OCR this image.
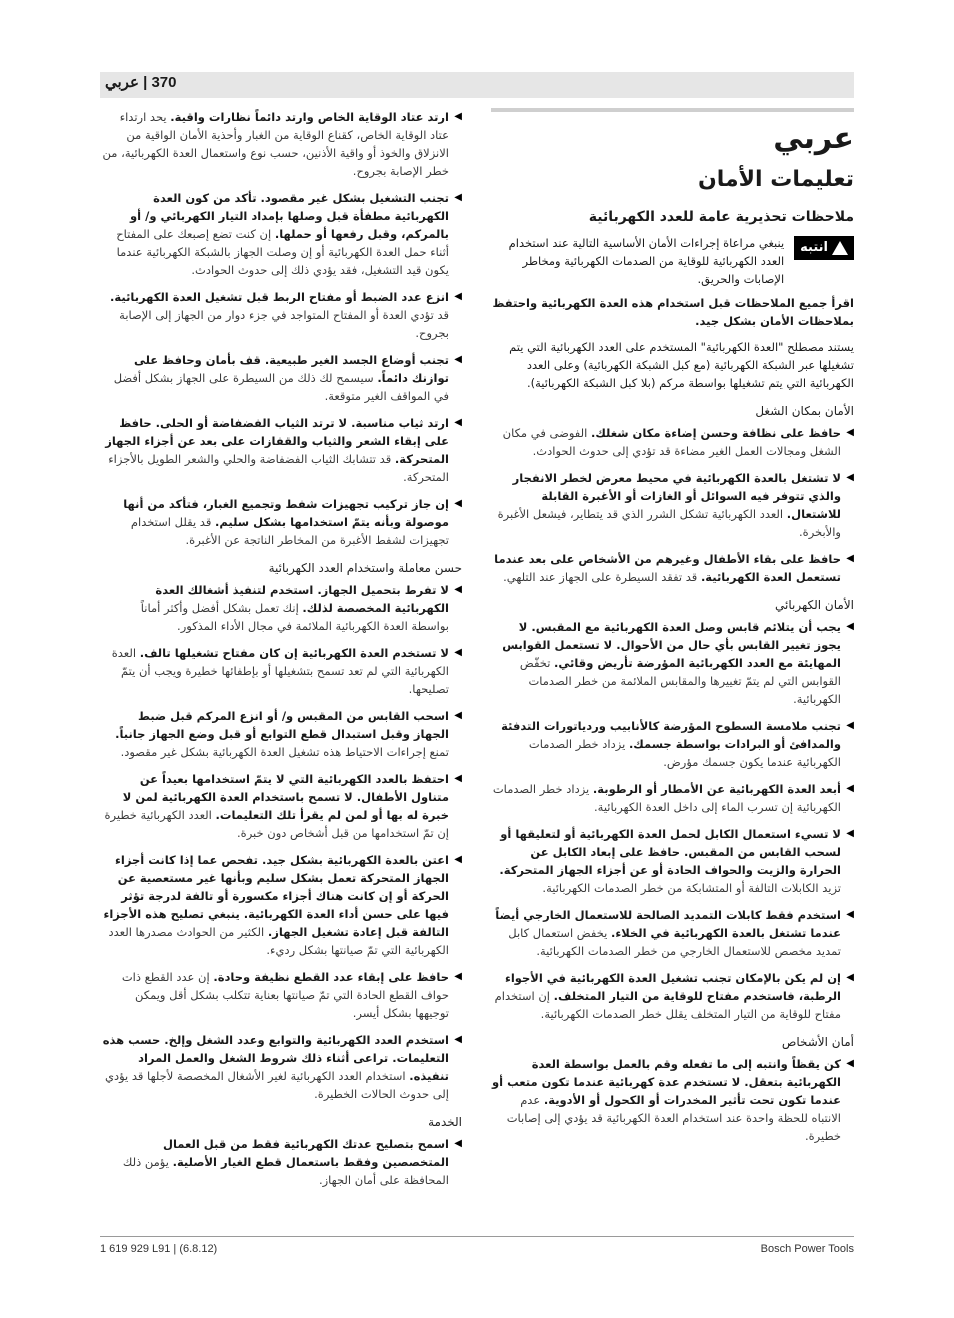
370 | عربي
عربي
تعليمات الأمان
ملاحظات تحذيرية عامة للعدد الكهربائية
انتبه
ينبغي مراعاة إجراءات الأمان الأساسية التالية عند استخدام العدد الكهربائية للوقاية من الصدمات الكهربائية ومخاطر الإصابات والحريق.
اقرأ جميع الملاحظات قبل استخدام هذه العدة الكهربائية واحتفظ بملاحظات الأمان بشكل جيد.
يستند مصطلح "العدة الكهربائية" المستخدم على العدد الكهربائية التي يتم تشغيلها عبر الشبكة الكهربائية (مع كبل الشبكة الكهربائية) وعلى العدد الكهربائية التي يتم تشغيلها بواسطة مركم (بلا كبل الشبكة الكهربائية).
الأمان بمكان الشغل
◀
حافظ على نظافة وحسن إضاءة مكان شغلك. الفوضى في مكان الشغل ومجالات العمل الغير مضاءة قد تؤدي إلى حدوث الحوادث.
◀
لا تشتغل بالعدة الكهربائية في محيط معرض لخطر الانفجار والذي تتوفر فيه السوائل أو الغازات أو الأغبرة القابلة للاشتعال. العدد الكهربائية تشكل الشرر الذي قد يتطاير، فيشعل الأغبرة والأبخرة.
◀
حافظ على بقاء الأطفال وغيرهم من الأشخاص على بعد عندما تستعمل العدة الكهربائية. قد تفقد السيطرة على الجهاز عند التلهي.
الأمان الكهربائي
◀
يجب أن يتلائم قابس وصل العدة الكهربائية مع المقبس. لا يجوز تغيير القابس بأي حال من الأحوال. لا تستعمل القوابس المهايئة مع العدد الكهربائية المؤرضة تأريض وقائي. تخفّض القوابس التي لم يتمّ تغييرها والمقابس الملائمة من خطر الصدمات الكهربائية.
◀
تجنب ملامسة السطوح المؤرضة كالأنابيب وردياتورات التدفئة والمدافئ أو البرادات بواسطة جسمك. يزداد خطر الصدمات الكهربائية عندما يكون جسمك مؤرض.
◀
أبعد العدة الكهربائية عن الأمطار أو الرطوبة. يزداد خطر الصدمات الكهربائية إن تسرب الماء إلى داخل العدة الكهربائية.
◀
لا تسيء استعمال الكابل لحمل العدة الكهربائية أو لتعليقها أو لسحب القابس من المقبس. حافظ على إبعاد الكابل عن الحرارة والزيت والحواف الحادة أو عن أجزاء الجهاز المتحركة. تزيد الكابلات التالفة أو المتشابكة من خطر الصدمات الكهربائية.
◀
استخدم فقط كابلات التمديد الصالحة للاستعمال الخارجي أيضاً عندما تشتغل بالعدة الكهربائية في الخلاء. يخفض استعمال كابل تمديد مخصص للاستعمال الخارجي من خطر الصدمات الكهربائية.
◀
إن لم يكن بالإمكان تجنب تشغيل العدة الكهربائية في الأجواء الرطبة، فاستخدم مفتاح للوقاية من التيار المتخلف. إن استخدام مفتاح للوقاية من التيار المتخلف يقلل خطر الصدمات الكهربائية.
أمان الأشخاص
◀
كن يقظاً وانتبه إلى ما تفعله وقم بالعمل بواسطة العدة الكهربائية بتعقل. لا تستخدم عدة كهربائية عندما تكون متعب أو عندما تكون تحت تأثير المخدرات أو الكحول أو الأدوية. عدم الانتباه للحظة واحدة عند استخدام العدة الكهربائية قد يؤدي إلى إصابات خطيرة.
◀
ارتد عتاد الوقاية الخاص وارتد دائماً نظارات واقية. يحد ارتداء عتاد الوقاية الخاص، كقناع الوقاية من الغبار وأحذية الأمان الواقية من الانزلاق والخوذ أو واقية الأذنين، حسب نوع واستعمال العدة الكهربائية، من خطر الإصابة بجروح.
◀
تجنب التشغيل بشكل غير مقصود. تأكد من كون العدة الكهربائية مطفأة قبل وصلها بإمداد التيار الكهربائي و/ أو بالمركم، وقبل رفعها أو حملها. إن كنت تضع إصبعك على المفتاح أثناء حمل العدة الكهربائية أو إن وصلت الجهاز بالشبكة الكهربائية عندما يكون قيد التشغيل، فقد يؤدي ذلك إلى حدوث الحوادث.
◀
انزع عدد الضبط أو مفتاح الربط قبل تشغيل العدة الكهربائية. قد تؤدي العدة أو المفتاح المتواجد في جزء دوار من الجهاز إلى الإصابة بجروح.
◀
تجنب أوضاع الجسد الغير طبيعية. قف بأمان وحافظ على توازنك دائماً. سيسمح لك ذلك من السيطرة على الجهاز بشكل أفضل في المواقف الغير متوقعة.
◀
ارتد ثياب مناسبة. لا ترتد الثياب الفضفاضة أو الحلى. حافظ على إبقاء الشعر والثياب والقفازات على بعد عن أجزاء الجهاز المتحركة. قد تتشابك الثياب الفضفاضة والحلي والشعر الطويل بالأجزاء المتحركة.
◀
إن جاز تركيب تجهيزات شفط وتجميع الغبار، فتأكد من أنها موصولة وبأنه يتمّ استخدامها بشكل سليم. قد يقلل استخدام تجهيزات لشفط الأغبرة من المخاطر الناتجة عن الأغبرة.
حسن معاملة واستخدام العدد الكهربائية
◀
لا تفرط بتحميل الجهاز. استخدم لتنفيذ أشغالك العدة الكهربائية المخصصة لذلك. إنك تعمل بشكل أفضل وأكثر أماناً بواسطة العدة الكهربائية الملائمة في مجال الأداء المذكور.
◀
لا تستخدم العدة الكهربائية إن كان مفتاح تشغيلها تالف. العدة الكهربائية التي لم تعد تسمح بتشغيلها أو بإطفائها خطيرة ويجب أن يتمّ تصليحها.
◀
اسحب القابس من المقبس و/ أو انزع المركم قبل ضبط الجهاز وقبل استبدال قطع التوابع أو قبل وضع الجهاز جانباً. تمنع إجراءات الاحتياط هذه تشغيل العدة الكهربائية بشكل غير مقصود.
◀
احتفظ بالعدد الكهربائية التي لا يتمّ استخدامها بعيداً عن متناول الأطفال. لا تسمح باستخدام العدة الكهربائية لمن لا خبرة له بها أو لمن لم يقرأ تلك التعليمات. العدد الكهربائية خطيرة إن تمّ استخدامها من قبل أشخاص دون خبرة.
◀
اعتن بالعدة الكهربائية بشكل جيد. تفحص عما إذا كانت أجزاء الجهاز المتحركة تعمل بشكل سليم وبأنها غير مستعصية عن الحركة أو إن كانت هناك أجزاء مكسورة أو تالفة لدرجة تؤثر فيها على حسن أداء العدة الكهربائية. ينبغي تصليح هذه الأجزاء التالفة قبل إعادة تشغيل الجهاز. الكثير من الحوادث مصدرها العدد الكهربائية التي تمّ صيانتها بشكل رديء.
◀
حافظ على إبقاء عدد القطع نظيفة وحادة. إن عدد القطع ذات حواف القطع الحادة التي تمّ صيانتها بعناية تتكلب بشكل أقل ويمكن توجيهها بشكل أيسر.
◀
استخدم العدد الكهربائية والتوابع وعدد الشغل وإلخ. حسب هذه التعليمات. تراعى أثناء ذلك شروط الشغل والعمل المراد تنفيذه. استخدام العدد الكهربائية لغير الأشغال المخصصة لأجلها قد يؤدي إلى حدوث الحالات الخطيرة.
الخدمة
◀
اسمح بتصليح عدتك الكهربائية فقط من قبل العمال المتخصصين وفقط باستعمال قطع الغيار الأصلية. يؤمن ذلك المحافظة على أمان الجهاز.
1 619 929 L91 | (6.8.12)	Bosch Power Tools
